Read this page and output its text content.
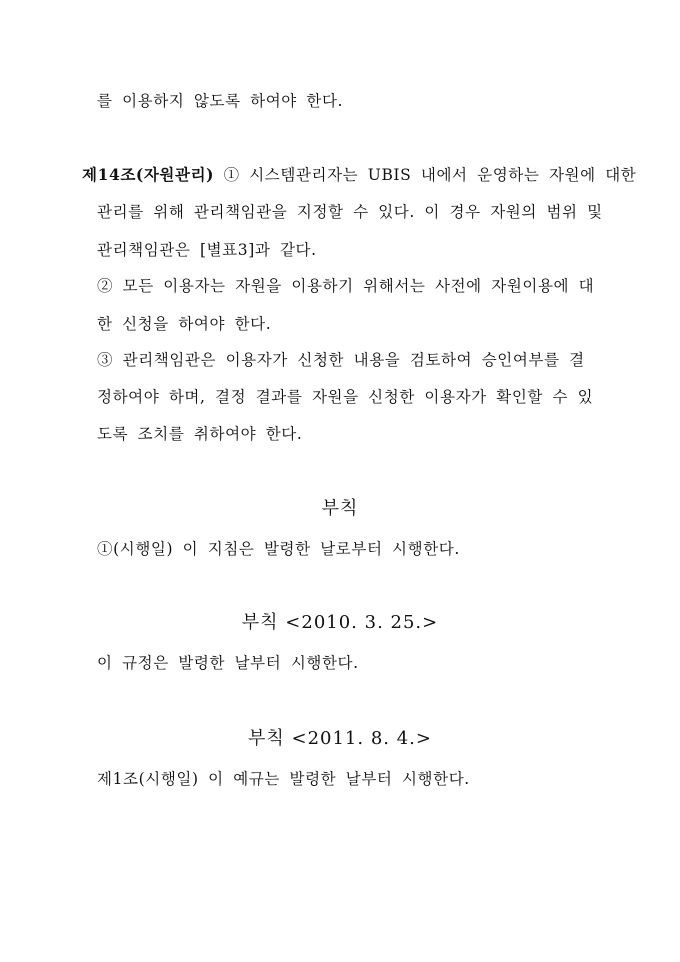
를 이용하지 않도록 하여야 한다.
제14조(자원관리) ① 시스템관리자는 UBIS 내에서 운영하는 자원에 대한
관리를 위해 관리책임관을 지정할 수 있다. 이 경우 자원의 범위 및
관리책임관은 [별표3]과 같다.
② 모든 이용자는 자원을 이용하기 위해서는 사전에 자원이용에 대
한 신청을 하여야 한다.
③ 관리책임관은 이용자가 신청한 내용을 검토하여 승인여부를 결
정하여야 하며, 결정 결과를 자원을 신청한 이용자가 확인할 수 있
도록 조치를 취하여야 한다.
부칙
①(시행일) 이 지침은 발령한 날로부터 시행한다.
부칙 <2010. 3. 25.>
이 규정은 발령한 날부터 시행한다.
부칙 <2011. 8. 4.>
제1조(시행일) 이 예규는 발령한 날부터 시행한다.
